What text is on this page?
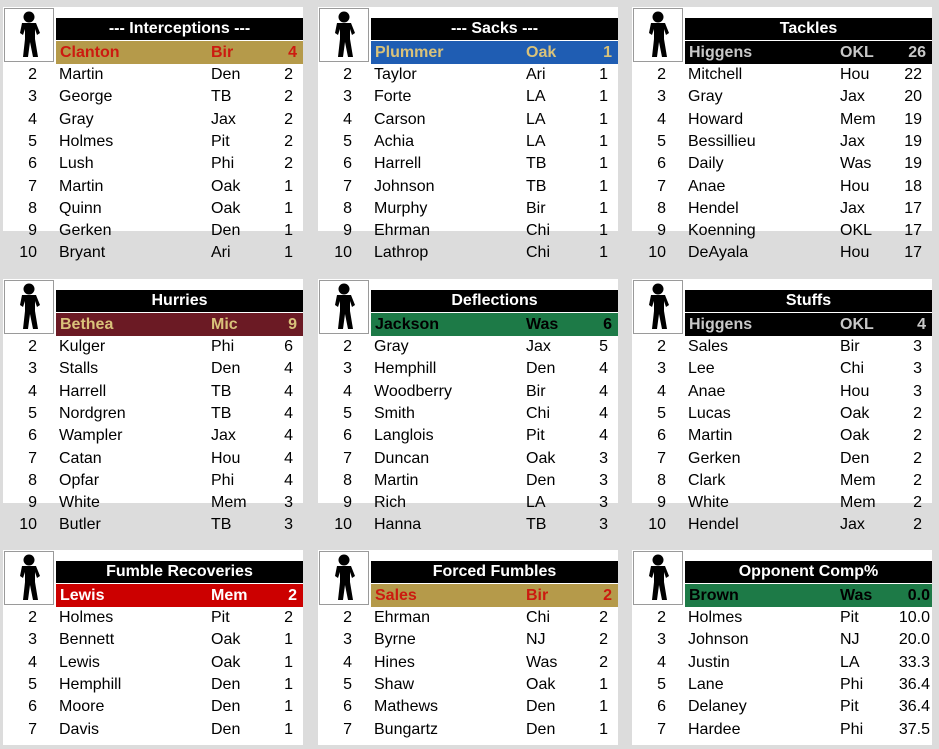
--- Interceptions ---
Clanton	Bir	4
2 Martin	Den	2
3 George	TB	2
4 Gray	Jax	2
5 Holmes	Pit	2
6 Lush	Phi	2
7 Martin	Oak	1
8 Quinn	Oak	1
9 Gerken	Den	1
10 Bryant	Ari	1
--- Sacks ---
Plummer	Oak	1
2 Taylor	Ari	1
3 Forte	LA	1
4 Carson	LA	1
5 Achia	LA	1
6 Harrell	TB	1
7 Johnson	TB	1
8 Murphy	Bir	1
9 Ehrman	Chi	1
10 Lathrop	Chi	1
Tackles
Higgens	OKL 26
2 Mitchell	Hou 22
3 Gray	Jax 20
4 Howard	Mem 19
5 Bessillieu	Jax 19
6 Daily	Was 19
7 Anae	Hou 18
8 Hendel	Jax 17
9 Koenning	OKL 17
10 DeAyala	Hou 17
Hurries
Bethea	Mic	9
2 Kulger	Phi	6
3 Stalls	Den	4
4 Harrell	TB	4
5 Nordgren	TB	4
6 Wampler	Jax	4
7 Catan	Hou	4
8 Opfar	Phi	4
9 White	Mem 3
10 Butler	TB	3
Deflections
Jackson	Was	6
2 Gray	Jax	5
3 Hemphill	Den	4
4 Woodberry	Bir	4
5 Smith	Chi	4
6 Langlois	Pit	4
7 Duncan	Oak	3
8 Martin	Den	3
9 Rich	LA	3
10 Hanna	TB	3
Stuffs
Higgens	OKL	4
2 Sales	Bir	3
3 Lee	Chi	3
4 Anae	Hou	3
5 Lucas	Oak	2
6 Martin	Oak	2
7 Gerken	Den	2
8 Clark	Mem 2
9 White	Mem 2
10 Hendel	Jax	2
Fumble Recoveries
Lewis	Mem	2
2 Holmes	Pit	2
3 Bennett	Oak	1
4 Lewis	Oak	1
5 Hemphill	Den	1
6 Moore	Den	1
7 Davis	Den	1
Forced Fumbles
Sales	Bir	2
2 Ehrman	Chi	2
3 Byrne	NJ	2
4 Hines	Was	2
5 Shaw	Oak	1
6 Mathews	Den	1
7 Bungartz	Den	1
Opponent Comp%
Brown	Was 0.0
2 Holmes	Pit	10.0
3 Johnson	NJ 20.0
4 Justin	LA 33.3
5 Lane	Phi 36.4
6 Delaney	Pit	36.4
7 Hardee	Phi 37.5
